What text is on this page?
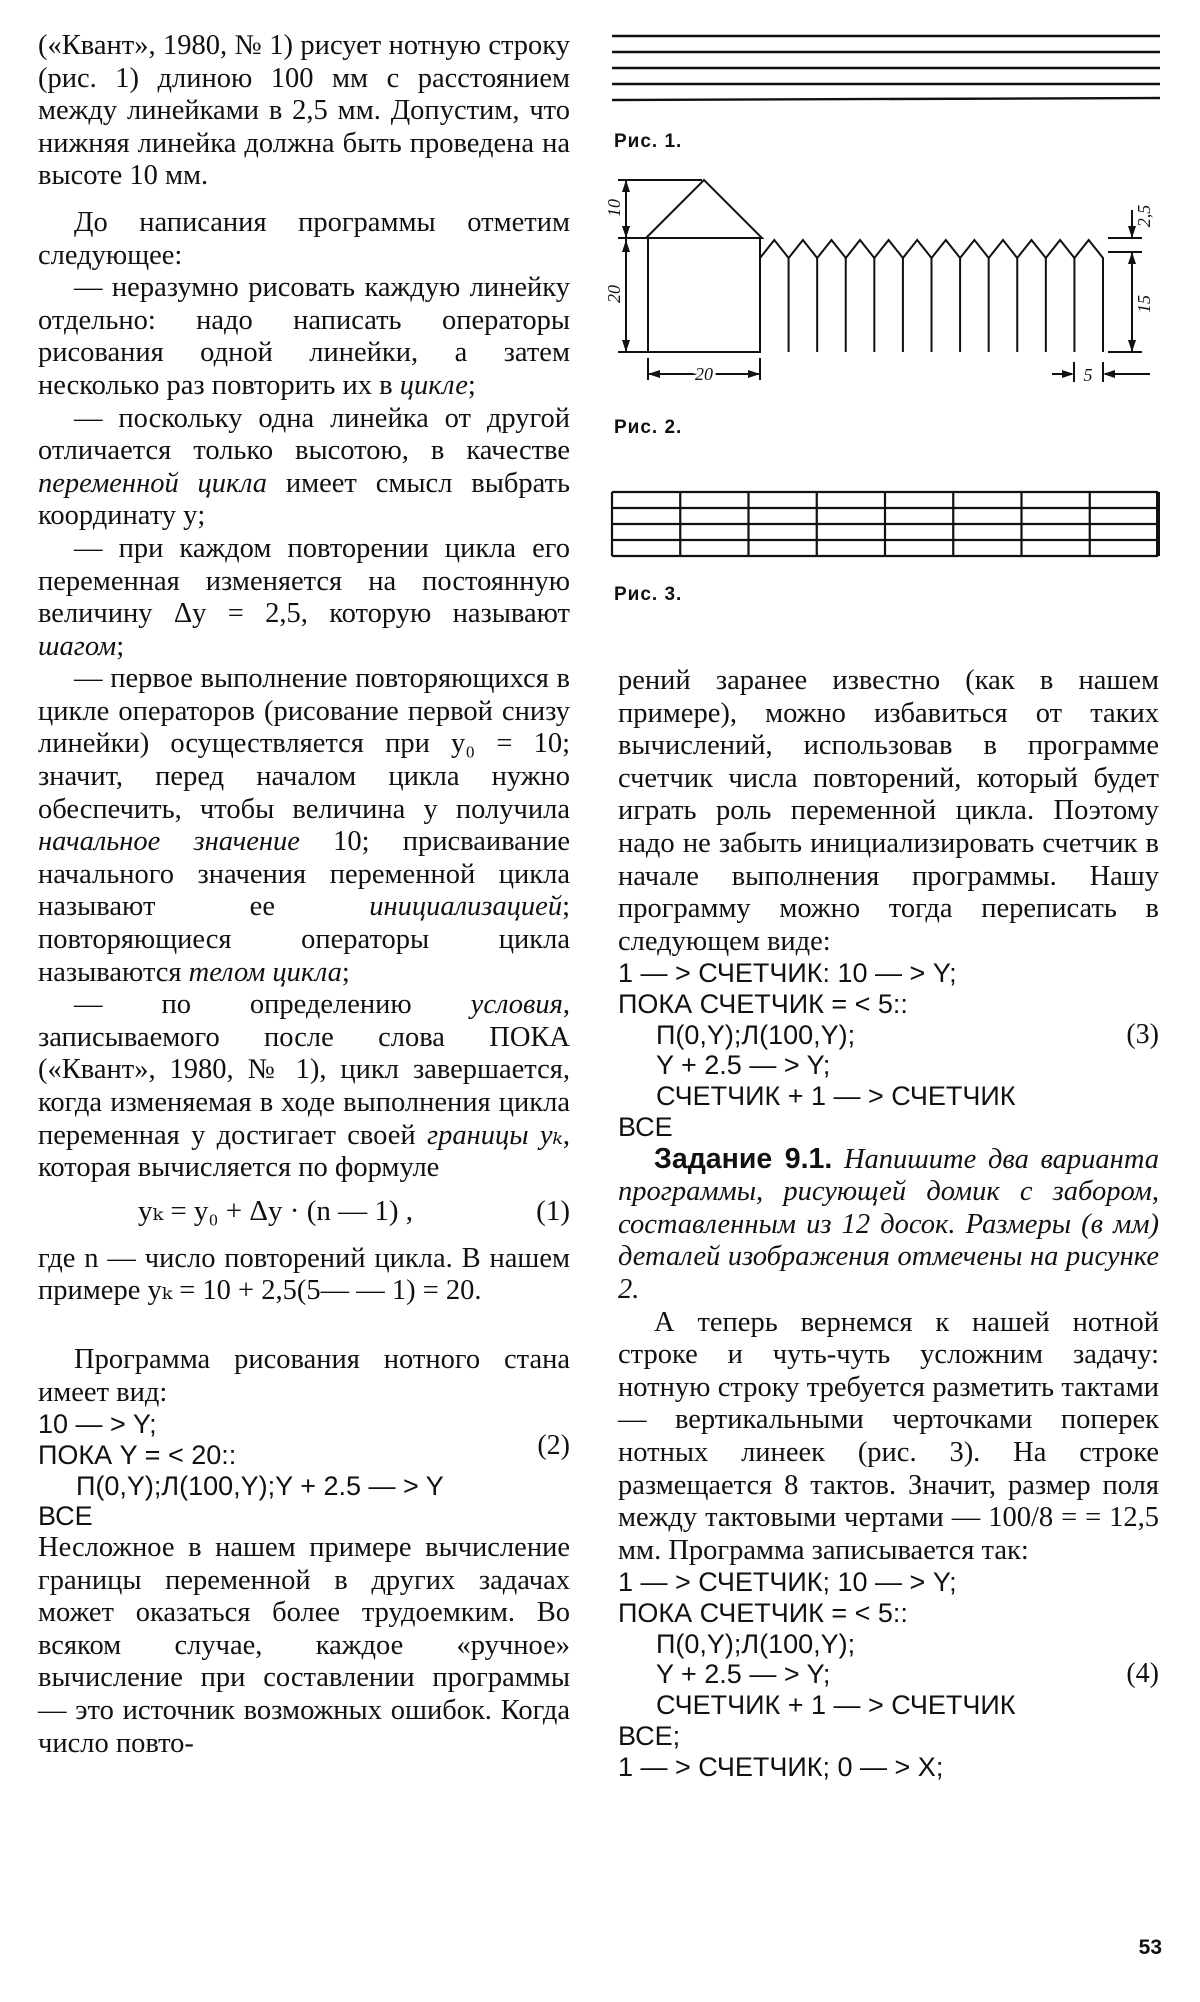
(«Квант», 1980, № 1) рисует нотную строку (рис. 1) длиною 100 мм с расстоянием между линейками в 2,5 мм. Допустим, что нижняя линейка должна быть проведена на высоте 10 мм.

До написания программы отметим следующее:

— неразумно рисовать каждую линейку отдельно: надо написать операторы рисования одной линейки, а затем несколько раз повторить их в цикле;

— поскольку одна линейка от другой отличается только высотою, в качестве переменной цикла имеет смысл выбрать координату y;

— при каждом повторении цикла его переменная изменяется на постоянную величину Δy = 2,5, которую называют шагом;

— первое выполнение повторяющихся в цикле операторов (рисование первой снизу линейки) осуществляется при y₀ = 10; значит, перед началом цикла нужно обеспечить, чтобы величина y получила начальное значение 10; присваивание начального значения переменной цикла называют ее инициализацией; повторяющиеся операторы цикла называются телом цикла;

— по определению условия, записываемого после слова ПОКА («Квант», 1980, № 1), цикл завершается, когда изменяемая в ходе выполнения цикла переменная y достигает своей границы yₖ, которая вычисляется по формуле

yₖ = y₀ + Δy · (n — 1) ,	(1)

где n — число повторений цикла. В нашем примере yₖ = 10 + 2,5(5— — 1) = 20.

Программа рисования нотного стана имеет вид:

10 — > Y;
ПОКА Y = < 20::
П(0,Y);Л(100,Y);Y + 2.5 — > Y
ВСЕ
(2)

Несложное в нашем примере вычисление границы переменной в других задачах может оказаться более трудоемким. Во всяком случае, каждое «ручное» вычисление при составлении программы — это источник возможных ошибок. Когда число повто-

Рис. 1.
10
20
20
2,5
15
5
Рис. 2.
Рис. 3.

рений заранее известно (как в нашем примере), можно избавиться от таких вычислений, использовав в программе счетчик числа повторений, который будет играть роль переменной цикла. Поэтому надо не забыть инициализировать счетчик в начале выполнения программы. Нашу программу можно тогда переписать в следующем виде:

1 — > СЧЕТЧИК: 10 — > Y;
ПОКА СЧЕТЧИК = < 5::
П(0,Y);Л(100,Y);
Y + 2.5 — > Y;
СЧЕТЧИК + 1 — > СЧЕТЧИК
ВСЕ
(3)

Задание 9.1. Напишите два варианта программы, рисующей домик с забором, составленным из 12 досок. Размеры (в мм) деталей изображения отмечены на рисунке 2.

А теперь вернемся к нашей нотной строке и чуть-чуть усложним задачу: нотную строку требуется разметить тактами — вертикальными черточками поперек нотных линеек (рис. 3). На строке размещается 8 тактов. Значит, размер поля между тактовыми чертами — 100/8 = = 12,5 мм. Программа записывается так:

1 — > СЧЕТЧИК; 10 — > Y;
ПОКА СЧЕТЧИК = < 5::
П(0,Y);Л(100,Y);
Y + 2.5 — > Y;
СЧЕТЧИК + 1 — > СЧЕТЧИК
ВСЕ;
1 — > СЧЕТЧИК; 0 — > X;
(4)
53
